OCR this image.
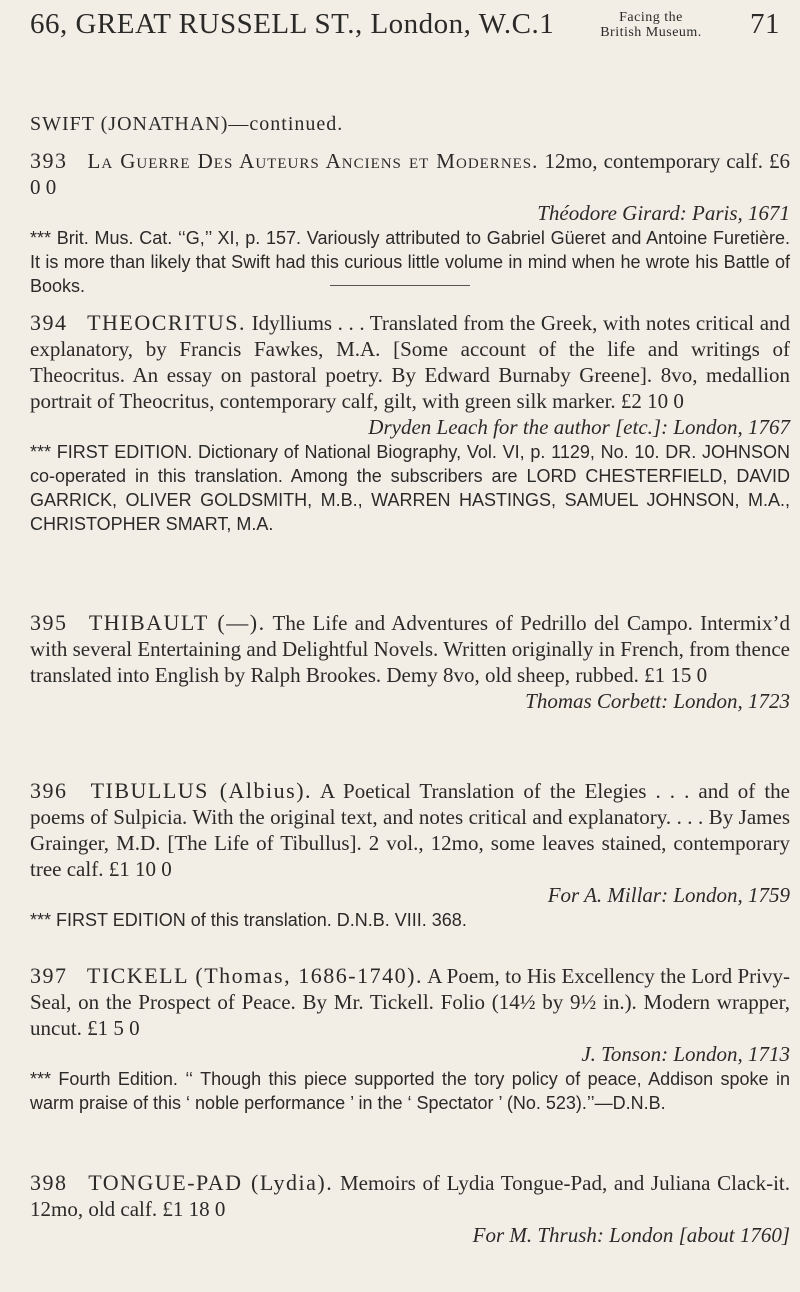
66, GREAT RUSSELL ST., London, W.C.1	Facing the
British Museum. 71
SWIFT (JONATHAN)—continued.

393 La Guerre Des Auteurs Anciens et Modernes. 12mo, contemporary calf. £6 0 0

Théodore Girard: Paris, 1671

*** Brit. Mus. Cat. ‘‘G,’’ XI, p. 157. Variously attributed to Gabriel Güeret and Antoine Furetière. It is more than likely that Swift had this curious little volume in mind when he wrote his Battle of Books.

394 THEOCRITUS. Idylliums . . . Translated from the Greek, with notes critical and explanatory, by Francis Fawkes, M.A. [Some account of the life and writings of Theocritus. An essay on pastoral poetry. By Edward Burnaby Greene]. 8vo, medallion portrait of Theocritus, contemporary calf, gilt, with green silk marker. £2 10 0

Dryden Leach for the author [etc.]: London, 1767

*** FIRST EDITION. Dictionary of National Biography, Vol. VI, p. 1129, No. 10. DR. JOHNSON co-operated in this translation. Among the subscribers are LORD CHESTERFIELD, DAVID GARRICK, OLIVER GOLDSMITH, M.B., WARREN HASTINGS, SAMUEL JOHNSON, M.A., CHRISTOPHER SMART, M.A.

395 THIBAULT (—). The Life and Adventures of Pedrillo del Campo. Intermix’d with several Entertaining and Delightful Novels. Written originally in French, from thence translated into English by Ralph Brookes. Demy 8vo, old sheep, rubbed. £1 15 0

Thomas Corbett: London, 1723

396 TIBULLUS (Albius). A Poetical Translation of the Elegies . . . and of the poems of Sulpicia. With the original text, and notes critical and explanatory. . . . By James Grainger, M.D. [The Life of Tibullus]. 2 vol., 12mo, some leaves stained, contemporary tree calf. £1 10 0

For A. Millar: London, 1759

*** FIRST EDITION of this translation. D.N.B. VIII. 368.

397 TICKELL (Thomas, 1686-1740). A Poem, to His Excellency the Lord Privy-Seal, on the Prospect of Peace. By Mr. Tickell. Folio (14½ by 9½ in.). Modern wrapper, uncut. £1 5 0

J. Tonson: London, 1713

*** Fourth Edition. ‘‘ Though this piece supported the tory policy of peace, Addison spoke in warm praise of this ‘ noble performance ’ in the ‘ Spectator ’ (No. 523).’’—D.N.B.

398 TONGUE-PAD (Lydia). Memoirs of Lydia Tongue-Pad, and Juliana Clack-it. 12mo, old calf. £1 18 0

For M. Thrush: London [about 1760]
